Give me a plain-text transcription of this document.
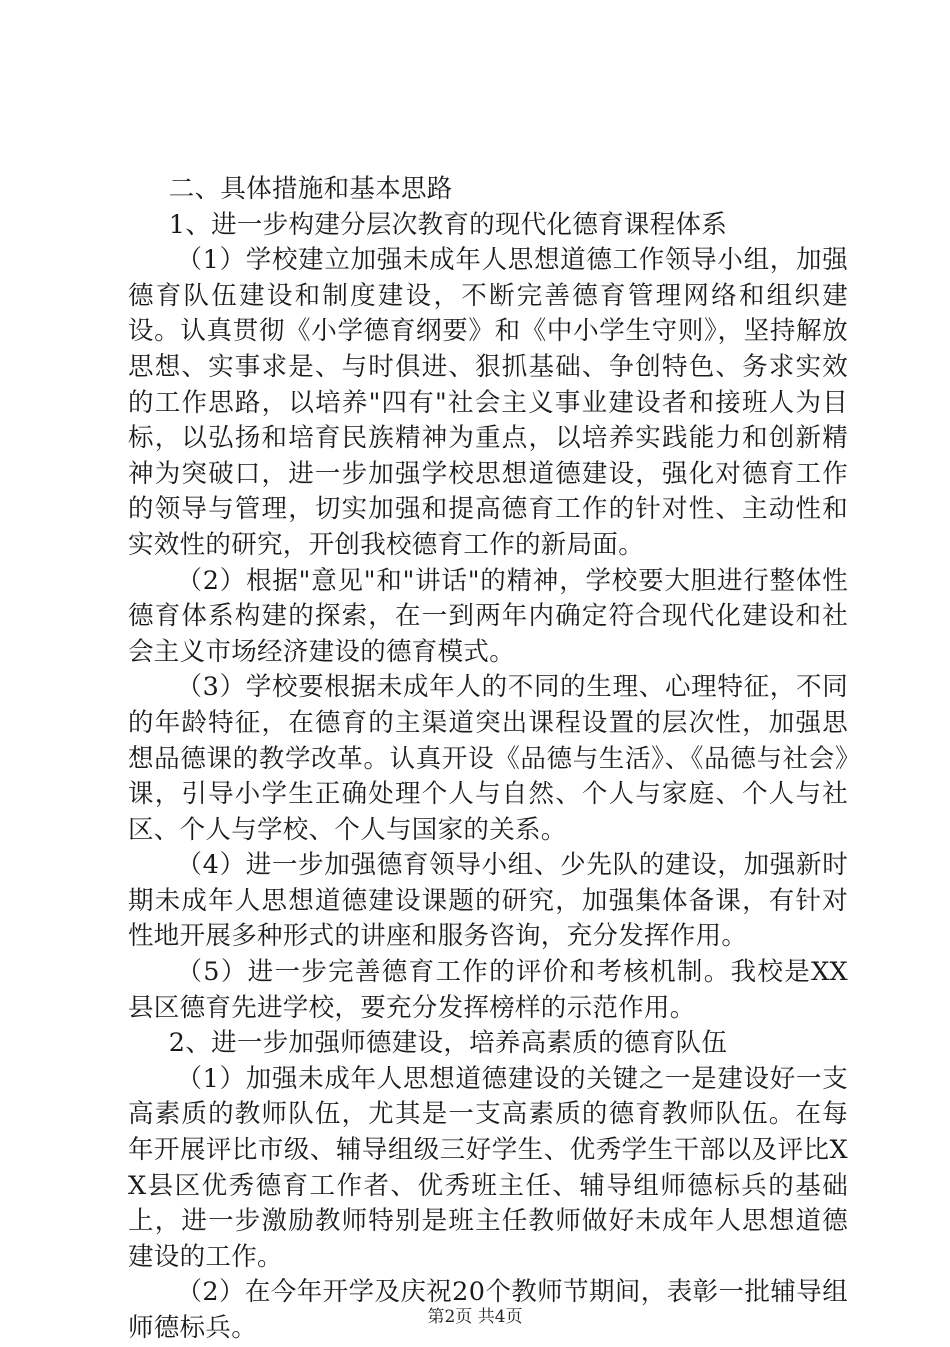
二、具体措施和基本思路

1、进一步构建分层次教育的现代化德育课程体系

（1）学校建立加强未成年人思想道德工作领导小组，加强德育队伍建设和制度建设，不断完善德育管理网络和组织建设。认真贯彻《小学德育纲要》和《中小学生守则》，坚持解放思想、实事求是、与时俱进、狠抓基础、争创特色、务求实效的工作思路，以培养"四有"社会主义事业建设者和接班人为目标，以弘扬和培育民族精神为重点，以培养实践能力和创新精神为突破口，进一步加强学校思想道德建设，强化对德育工作的领导与管理，切实加强和提高德育工作的针对性、主动性和实效性的研究，开创我校德育工作的新局面。

（2）根据"意见"和"讲话"的精神，学校要大胆进行整体性德育体系构建的探索，在一到两年内确定符合现代化建设和社会主义市场经济建设的德育模式。

（3）学校要根据未成年人的不同的生理、心理特征，不同的年龄特征，在德育的主渠道突出课程设置的层次性，加强思想品德课的教学改革。认真开设《品德与生活》、《品德与社会》课，引导小学生正确处理个人与自然、个人与家庭、个人与社区、个人与学校、个人与国家的关系。

（4）进一步加强德育领导小组、少先队的建设，加强新时期未成年人思想道德建设课题的研究，加强集体备课，有针对性地开展多种形式的讲座和服务咨询，充分发挥作用。

（5）进一步完善德育工作的评价和考核机制。我校是XX县区德育先进学校，要充分发挥榜样的示范作用。

2、进一步加强师德建设，培养高素质的德育队伍

（1）加强未成年人思想道德建设的关键之一是建设好一支高素质的教师队伍，尤其是一支高素质的德育教师队伍。在每年开展评比市级、辅导组级三好学生、优秀学生干部以及评比XX县区优秀德育工作者、优秀班主任、辅导组师德标兵的基础上，进一步激励教师特别是班主任教师做好未成年人思想道德建设的工作。

（2）在今年开学及庆祝20个教师节期间，表彰一批辅导组师德标兵。	第2页 共4页
